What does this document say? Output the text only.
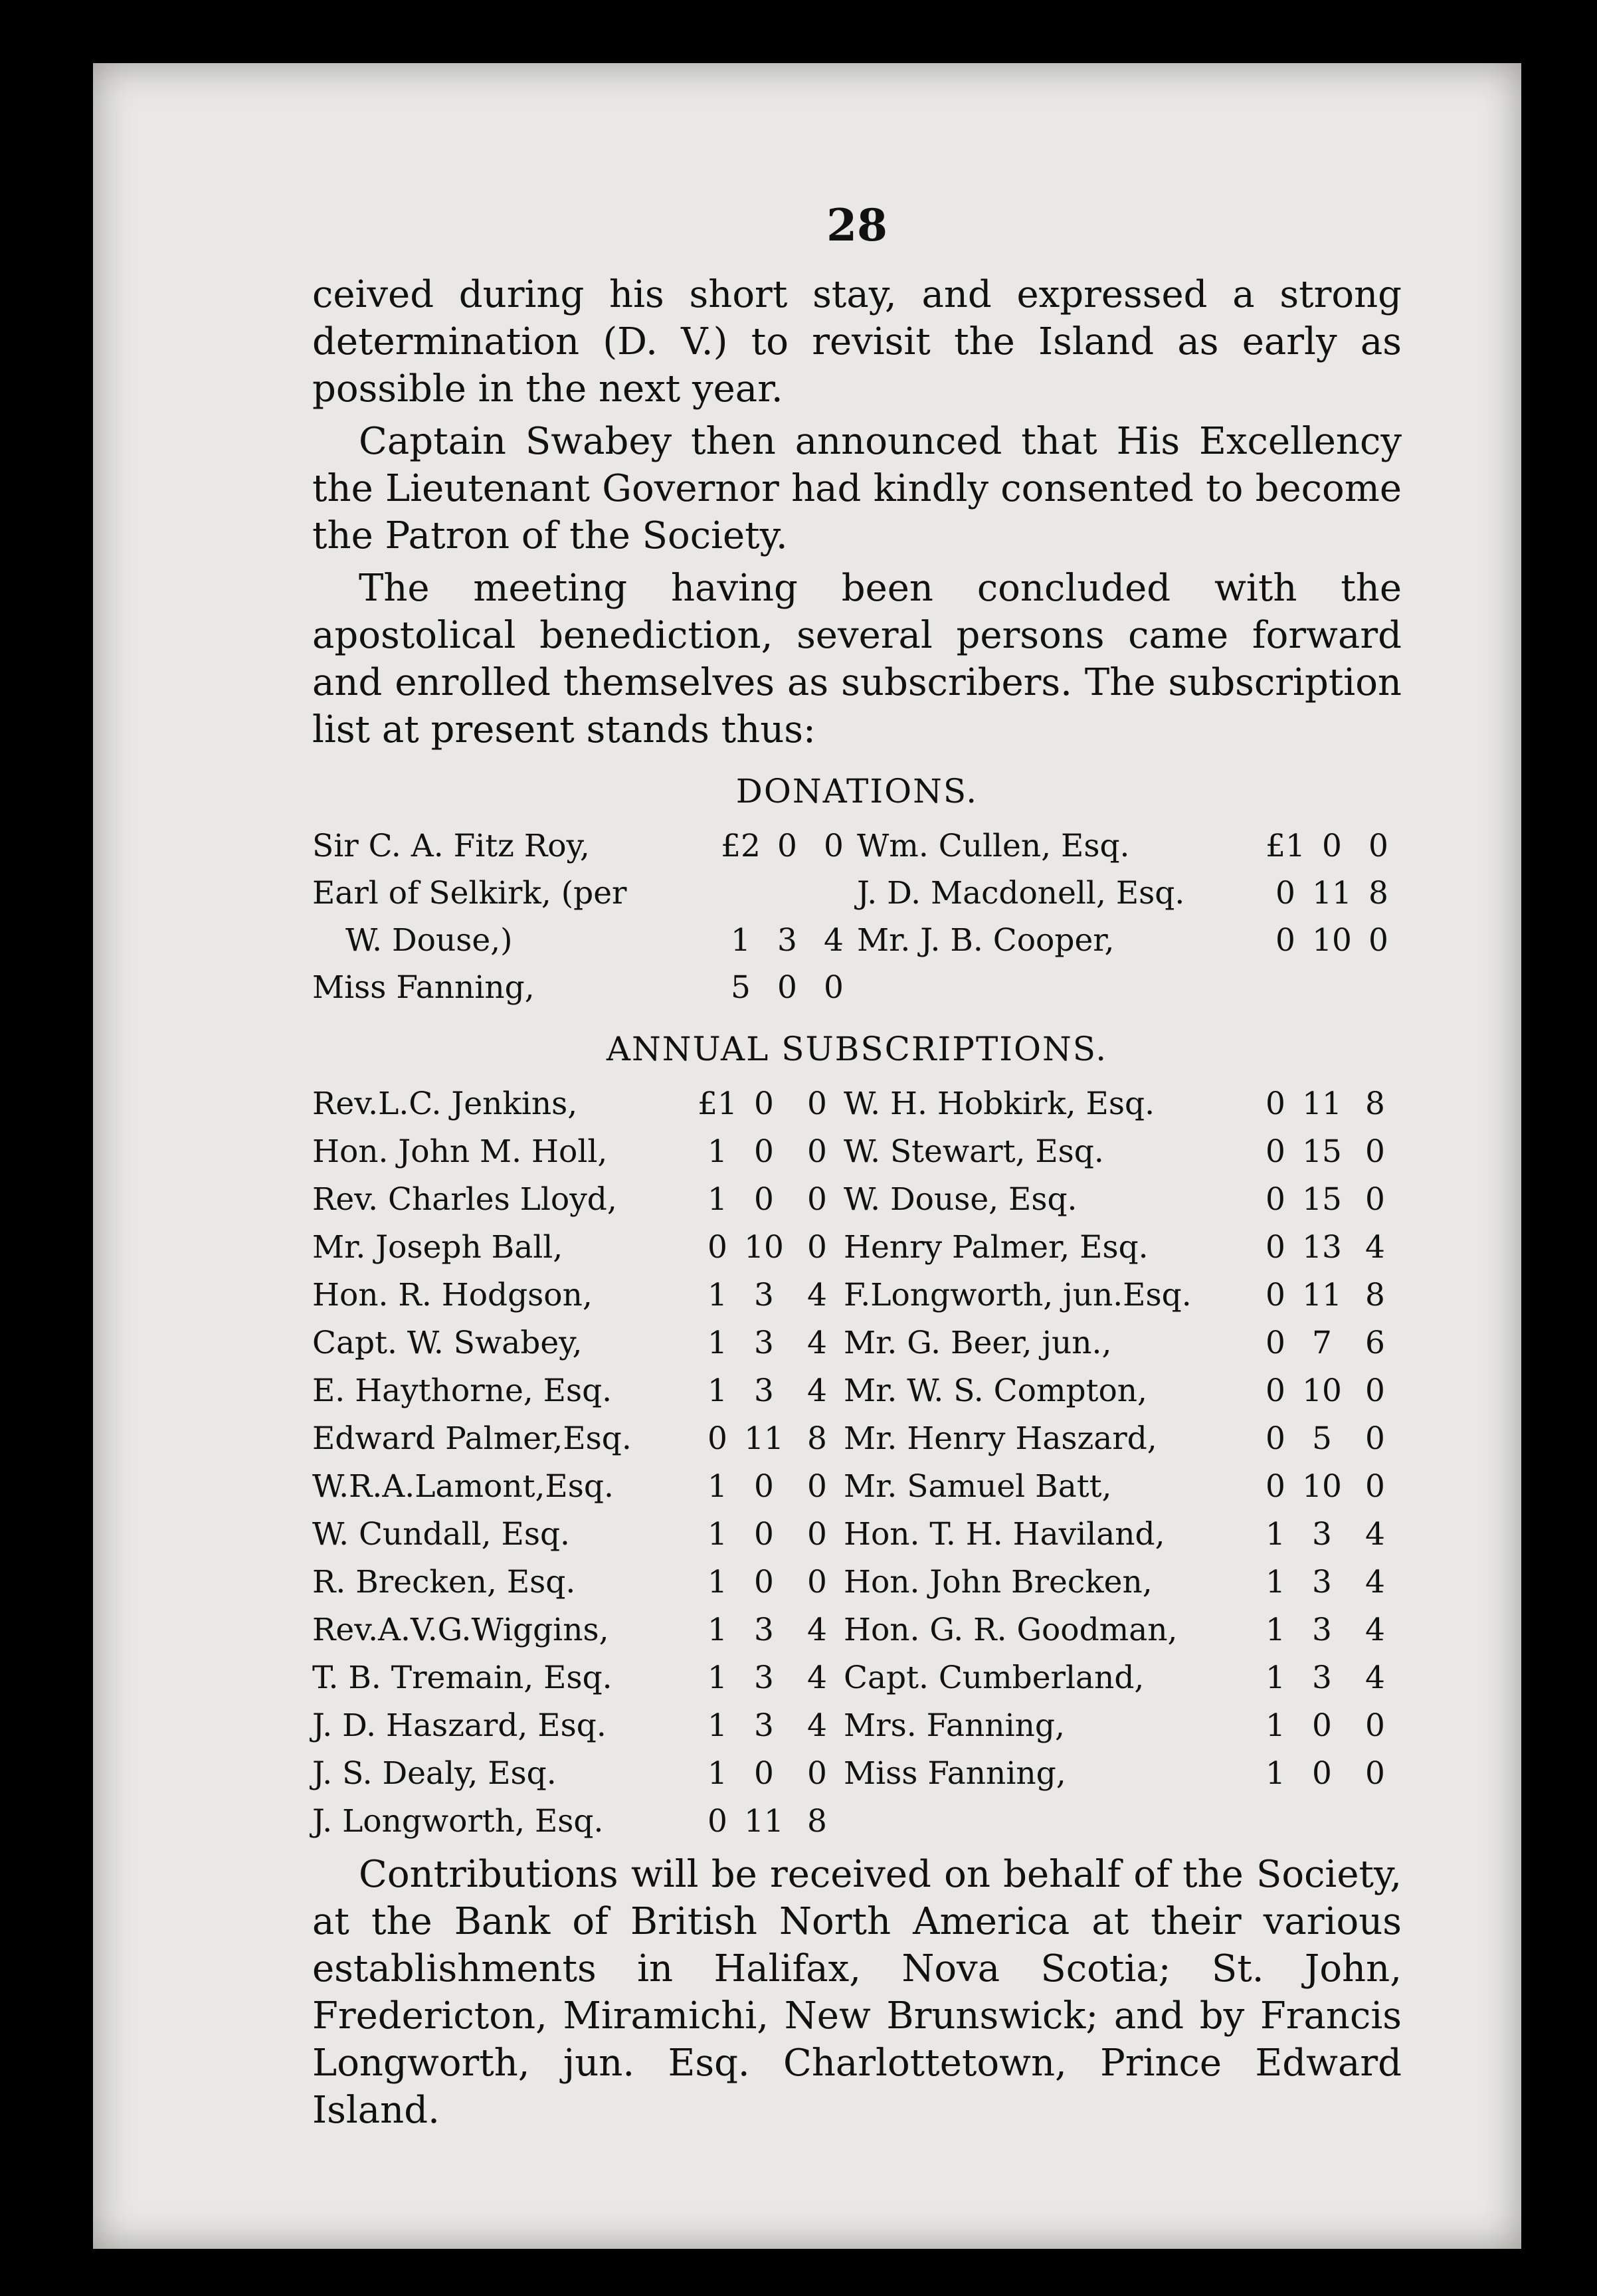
28

ceived during his short stay, and expressed a strong determination (D. V.) to revisit the Island as early as possible in the next year.

Captain Swabey then announced that His Excellency the Lieutenant Governor had kindly consented to become the Patron of the Society.

The meeting having been concluded with the apostolical benediction, several persons came forward and enrolled themselves as subscribers. The subscription list at present stands thus:

DONATIONS.
Sir C. A. Fitz Roy,	£2 0 0 Wm. Cullen, Esq.	£1 0 0
Earl of Selkirk, (per	J. D. Macdonell, Esq.	0 11 8
W. Douse,)	1 3 4 Mr. J. B. Cooper,	0 10 0
Miss Fanning,	5 0 0
ANNUAL SUBSCRIPTIONS.
Rev.L.C. Jenkins,	£1 0	0 W. H. Hobkirk, Esq.	0 11 8
Hon. John M. Holl,	1 0	0 W. Stewart, Esq.	0 15 0
Rev. Charles Lloyd,	1 0	0 W. Douse, Esq.	0 15 0
Mr. Joseph Ball,	0 10 0 Henry Palmer, Esq.	0 13 4
Hon. R. Hodgson,	1 3	4 F.Longworth, jun.Esq.	0 11 8
Capt. W. Swabey,	1 3	4 Mr. G. Beer, jun.,	0 7	6
E. Haythorne, Esq.	1 3	4 Mr. W. S. Compton,	0 10 0
Edward Palmer,Esq.	0 11 8 Mr. Henry Haszard,	0 5	0
W.R.A.Lamont,Esq.	1 0	0 Mr. Samuel Batt,	0 10 0
W. Cundall, Esq.	1 0	0 Hon. T. H. Haviland,	1 3	4
R. Brecken, Esq.	1 0	0 Hon. John Brecken,	1 3	4
Rev.A.V.G.Wiggins,	1 3	4 Hon. G. R. Goodman,	1 3	4
T. B. Tremain, Esq.	1 3	4 Capt. Cumberland,	1 3	4
J. D. Haszard, Esq.	1 3	4 Mrs. Fanning,	1 0	0
J. S. Dealy, Esq.	1 0	0 Miss Fanning,	1 0	0
J. Longworth, Esq.	0 11 8

Contributions will be received on behalf of the Society, at the Bank of British North America at their various establishments in Halifax, Nova Scotia; St. John, Fredericton, Miramichi, New Brunswick; and by Francis Longworth, jun. Esq. Charlottetown, Prince Edward Island.
